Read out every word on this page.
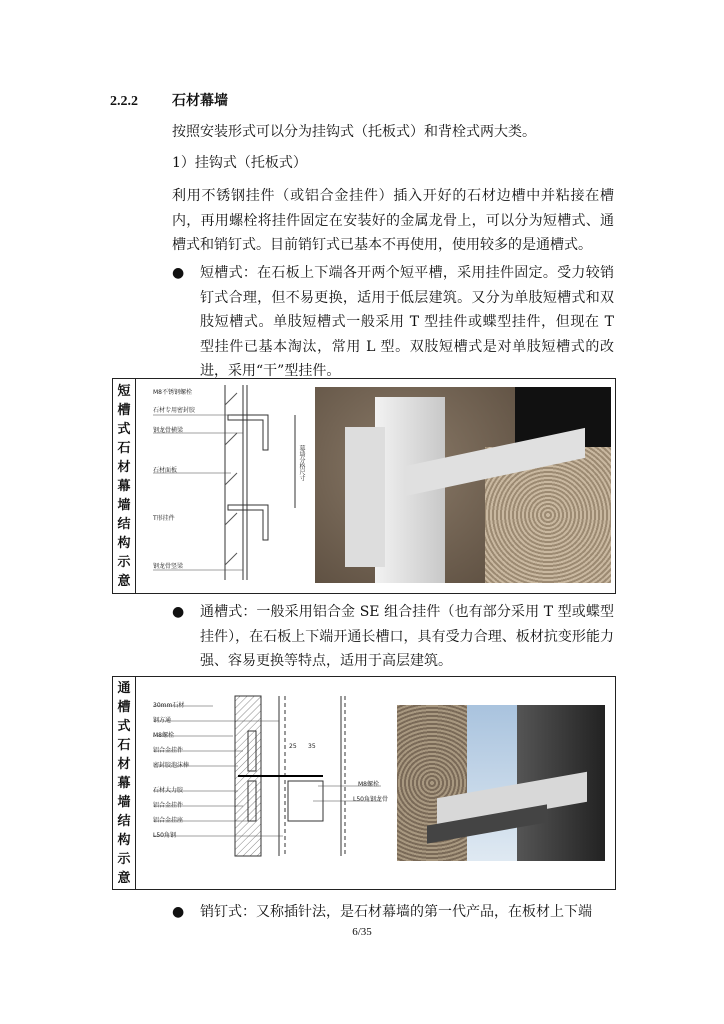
2.2.2 石材幕墙
按照安装形式可以分为挂钩式（托板式）和背栓式两大类。
1）挂钩式（托板式）
利用不锈钢挂件（或铝合金挂件）插入开好的石材边槽中并粘接在槽内，再用螺栓将挂件固定在安装好的金属龙骨上，可以分为短槽式、通槽式和销钉式。目前销钉式已基本不再使用，使用较多的是通槽式。
● 短槽式：在石板上下端各开两个短平槽，采用挂件固定。受力较销钉式合理，但不易更换，适用于低层建筑。又分为单肢短槽式和双肢短槽式。单肢短槽式一般采用 T 型挂件或蝶型挂件，但现在 T 型挂件已基本淘汰，常用 L 型。双肢短槽式是对单肢短槽式的改进，采用“干”型挂件。
短
槽
式
石
材
幕
墙
结
构
示
意
M8不锈钢螺栓
石材专用密封胶
钢龙骨横梁
石材面板
T形挂件
钢龙骨竖梁
幕墙分格尺寸
● 通槽式：一般采用铝合金 SE 组合挂件（也有部分采用 T 型或蝶型挂件），在石板上下端开通长槽口，具有受力合理、板材抗变形能力强、容易更换等特点，适用于高层建筑。
通
槽
式
石
材
幕
墙
结
构
示
意
30mm石材
钢方通
M8螺栓
铝合金挂件
密封胶泡沫棒
石材大力胶
铝合金挂件
铝合金挂座
L50角钢
M8螺栓
L50角钢龙骨
25 35
● 销钉式：又称插针法，是石材幕墙的第一代产品，在板材上下端
6/35
